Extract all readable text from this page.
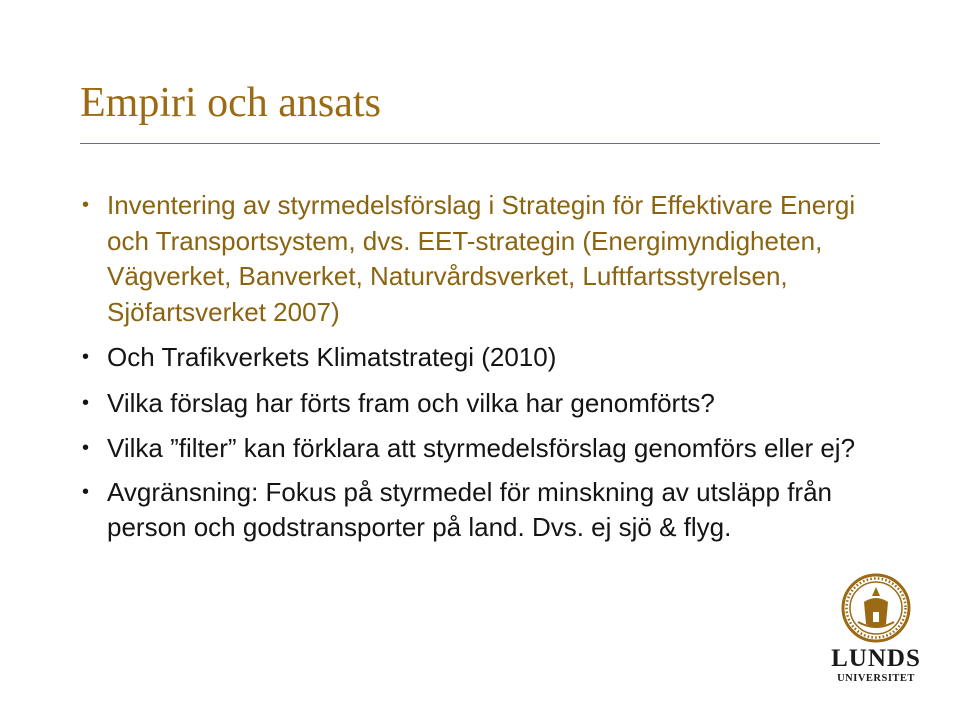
Empiri och ansats
• Inventering av styrmedelsförslag i Strategin för Effektivare Energi och Transportsystem, dvs. EET-strategin (Energimyndigheten, Vägverket, Banverket, Naturvårdsverket, Luftfartsstyrelsen, Sjöfartsverket 2007)
• Och Trafikverkets Klimatstrategi (2010)
• Vilka förslag har förts fram och vilka har genomförts?
• Vilka ”filter” kan förklara att styrmedelsförslag genomförs eller ej?
• Avgränsning: Fokus på styrmedel för minskning av utsläpp från person och godstransporter på land. Dvs. ej sjö & flyg.
LUNDS
UNIVERSITET
